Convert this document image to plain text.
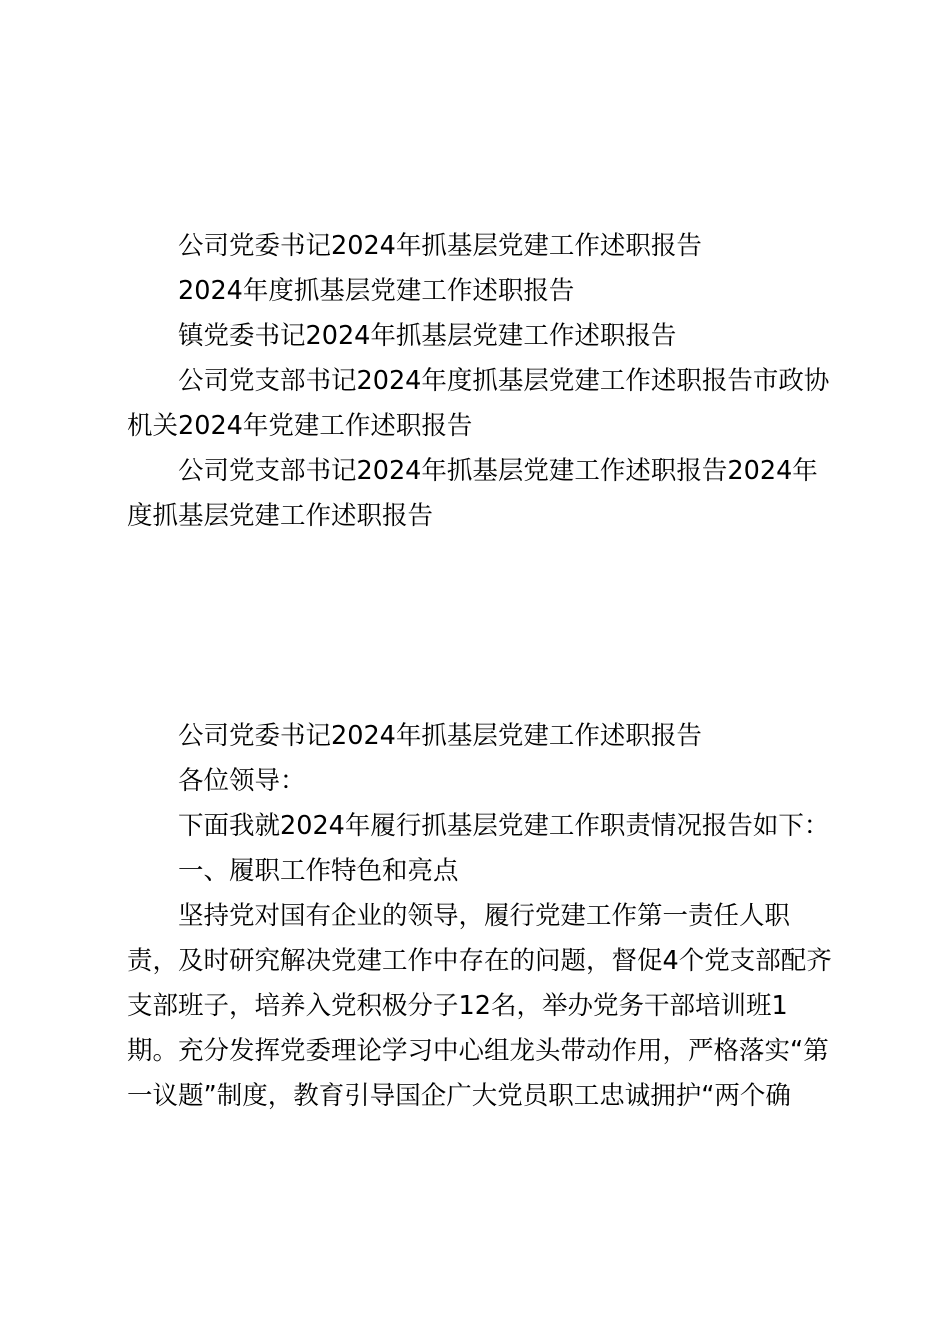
公司党委书记2024年抓基层党建工作述职报告

2024年度抓基层党建工作述职报告

镇党委书记2024年抓基层党建工作述职报告

公司党支部书记2024年度抓基层党建工作述职报告市政协机关2024年党建工作述职报告

公司党支部书记2024年抓基层党建工作述职报告2024年度抓基层党建工作述职报告

公司党委书记2024年抓基层党建工作述职报告

各位领导：

下面我就2024年履行抓基层党建工作职责情况报告如下：

一、履职工作特色和亮点

坚持党对国有企业的领导，履行党建工作第一责任人职责，及时研究解决党建工作中存在的问题，督促4个党支部配齐支部班子，培养入党积极分子12名，举办党务干部培训班1期。充分发挥党委理论学习中心组龙头带动作用，严格落实“第一议题”制度，教育引导国企广大党员职工忠诚拥护“两个确
